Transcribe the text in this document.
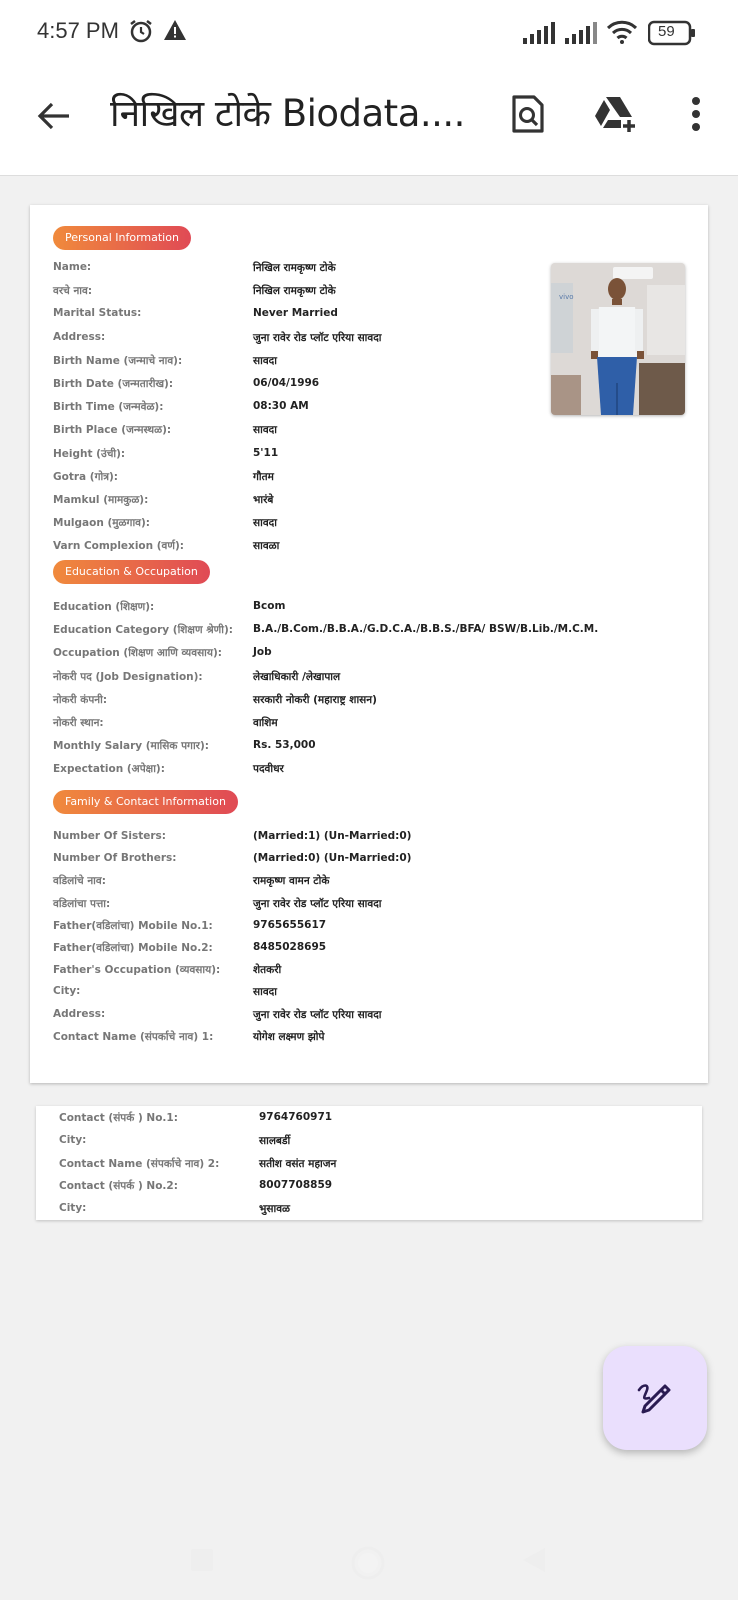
4:57 PM	59
निखिल टोके Biodata....
Personal Information
Name:	निखिल रामकृष्ण टोके
वरचे नाव:	निखिल रामकृष्ण टोके
Marital Status:	Never Married
Address:	जुना रावेर रोड प्लॉट एरिया सावदा
Birth Name (जन्माचे नाव):	सावदा
Birth Date (जन्मतारीख):	06/04/1996
Birth Time (जन्मवेळ):	08:30 AM
Birth Place (जन्मस्थळ):	सावदा
Height (उंची):	5'11
Gotra (गोत्र):	गौतम
Mamkul (मामकुळ):	भारंबे
Mulgaon (मुळगाव):	सावदा
Varn Complexion (वर्ण):	सावळा
vivo
Education & Occupation
Education (शिक्षण):	Bcom
Education Category (शिक्षण श्रेणी): B.A./B.Com./B.B.A./G.D.C.A./B.B.S./BFA/ BSW/B.Lib./M.C.M.
Occupation (शिक्षण आणि व्यवसाय):	Job
नोकरी पद (Job Designation):	लेखाधिकारी /लेखापाल
नोकरी कंपनी:	सरकारी नोकरी (महाराष्ट्र शासन)
नोकरी स्थान:	वाशिम
Monthly Salary (मासिक पगार):	Rs. 53,000
Expectation (अपेक्षा):	पदवीधर
Family & Contact Information
Number Of Sisters:	(Married:1) (Un-Married:0)
Number Of Brothers:	(Married:0) (Un-Married:0)
वडिलांचे नाव:	रामकृष्ण वामन टोके
वडिलांचा पत्ता:	जुना रावेर रोड प्लॉट एरिया सावदा
Father(वडिलांचा) Mobile No.1:	9765655617
Father(वडिलांचा) Mobile No.2:	8485028695
Father's Occupation (व्यवसाय):	शेतकरी
City:	सावदा
Address:	जुना रावेर रोड प्लॉट एरिया सावदा
Contact Name (संपर्काचे नाव) 1:	योगेश लक्ष्मण झोपे
Contact (संपर्क ) No.1:	9764760971
City:	सालबर्डी
Contact Name (संपर्काचे नाव) 2:	सतीश वसंत महाजन
Contact (संपर्क ) No.2:	8007708859
City:	भुसावळ
